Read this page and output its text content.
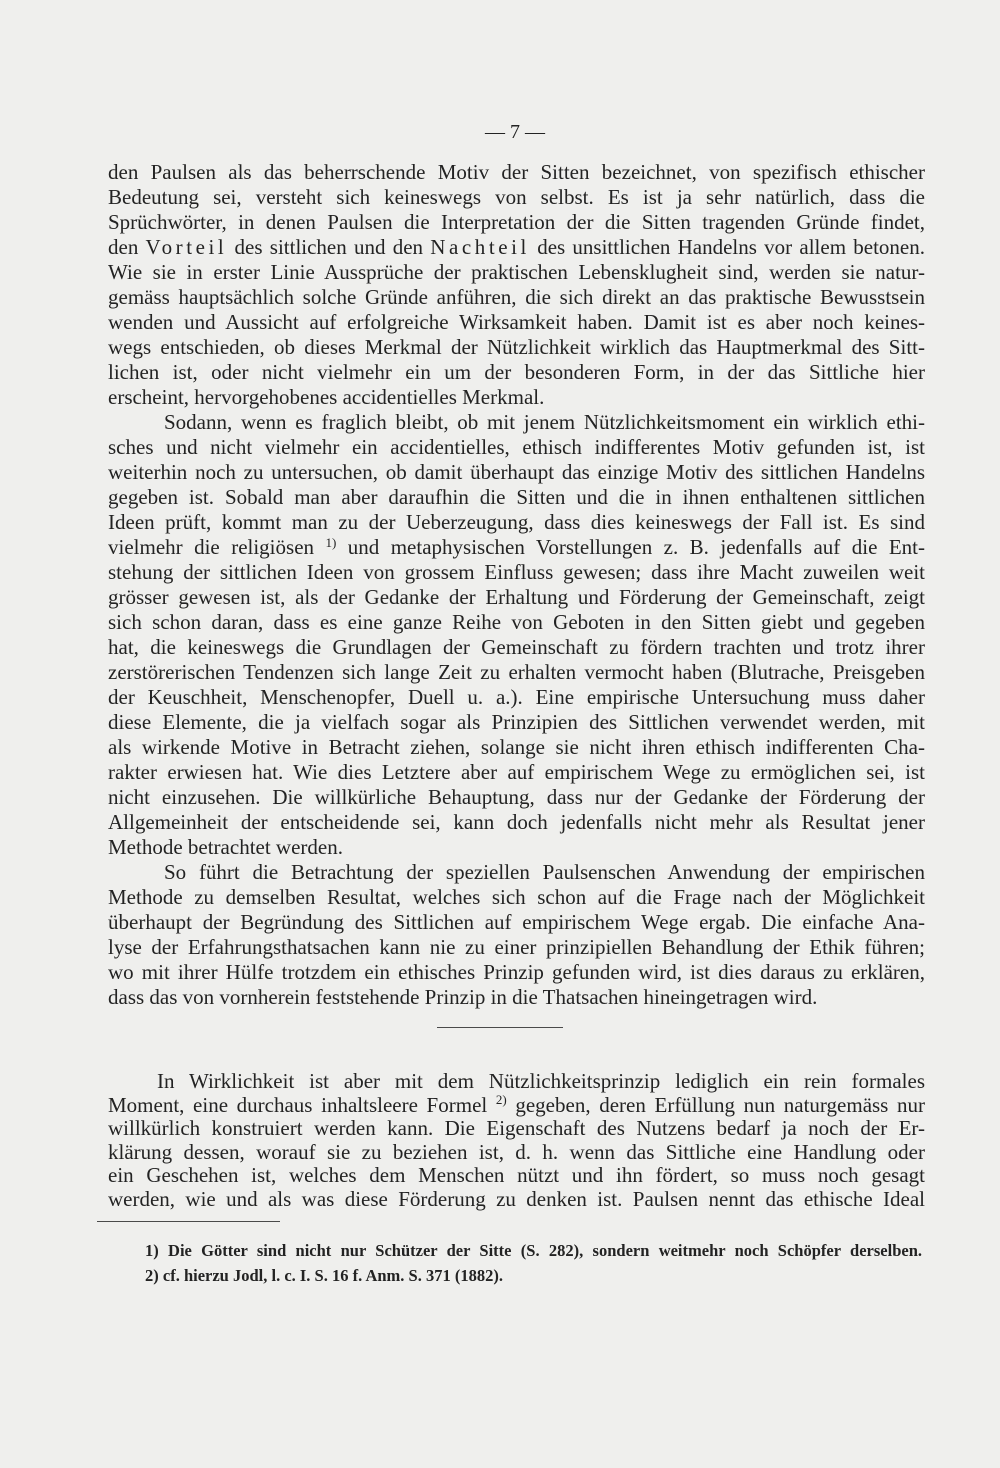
— 7 —
den Paulsen als das beherrschende Motiv der Sitten bezeichnet, von spezifisch ethischer
Bedeutung sei, versteht sich keineswegs von selbst. Es ist ja sehr natürlich, dass die
Sprüchwörter, in denen Paulsen die Interpretation der die Sitten tragenden Gründe findet,
den Vorteil des sittlichen und den Nachteil des unsittlichen Handelns vor allem betonen.
Wie sie in erster Linie Aussprüche der praktischen Lebensklugheit sind, werden sie natur-
gemäss hauptsächlich solche Gründe anführen, die sich direkt an das praktische Bewusstsein
wenden und Aussicht auf erfolgreiche Wirksamkeit haben. Damit ist es aber noch keines-
wegs entschieden, ob dieses Merkmal der Nützlichkeit wirklich das Hauptmerkmal des Sitt-
lichen ist, oder nicht vielmehr ein um der besonderen Form, in der das Sittliche hier
erscheint, hervorgehobenes accidentielles Merkmal.
Sodann, wenn es fraglich bleibt, ob mit jenem Nützlichkeitsmoment ein wirklich ethi-
sches und nicht vielmehr ein accidentielles, ethisch indifferentes Motiv gefunden ist, ist
weiterhin noch zu untersuchen, ob damit überhaupt das einzige Motiv des sittlichen Handelns
gegeben ist. Sobald man aber daraufhin die Sitten und die in ihnen enthaltenen sittlichen
Ideen prüft, kommt man zu der Ueberzeugung, dass dies keineswegs der Fall ist. Es sind
vielmehr die religiösen $^{1)}$ und metaphysischen Vorstellungen z. B. jedenfalls auf die Ent-
stehung der sittlichen Ideen von grossem Einfluss gewesen; dass ihre Macht zuweilen weit
grösser gewesen ist, als der Gedanke der Erhaltung und Förderung der Gemeinschaft, zeigt
sich schon daran, dass es eine ganze Reihe von Geboten in den Sitten giebt und gegeben
hat, die keineswegs die Grundlagen der Gemeinschaft zu fördern trachten und trotz ihrer
zerstörerischen Tendenzen sich lange Zeit zu erhalten vermocht haben (Blutrache, Preisgeben
der Keuschheit, Menschenopfer, Duell u. a.). Eine empirische Untersuchung muss daher
diese Elemente, die ja vielfach sogar als Prinzipien des Sittlichen verwendet werden, mit
als wirkende Motive in Betracht ziehen, solange sie nicht ihren ethisch indifferenten Cha-
rakter erwiesen hat. Wie dies Letztere aber auf empirischem Wege zu ermöglichen sei, ist
nicht einzusehen. Die willkürliche Behauptung, dass nur der Gedanke der Förderung der
Allgemeinheit der entscheidende sei, kann doch jedenfalls nicht mehr als Resultat jener
Methode betrachtet werden.
So führt die Betrachtung der speziellen Paulsenschen Anwendung der empirischen
Methode zu demselben Resultat, welches sich schon auf die Frage nach der Möglichkeit
überhaupt der Begründung des Sittlichen auf empirischem Wege ergab. Die einfache Ana-
lyse der Erfahrungsthatsachen kann nie zu einer prinzipiellen Behandlung der Ethik führen;
wo mit ihrer Hülfe trotzdem ein ethisches Prinzip gefunden wird, ist dies daraus zu erklären,
dass das von vornherein feststehende Prinzip in die Thatsachen hineingetragen wird.
In Wirklichkeit ist aber mit dem Nützlichkeitsprinzip lediglich ein rein formales
Moment, eine durchaus inhaltsleere Formel $^{2)}$ gegeben, deren Erfüllung nun naturgemäss nur
willkürlich konstruiert werden kann. Die Eigenschaft des Nutzens bedarf ja noch der Er-
klärung dessen, worauf sie zu beziehen ist, d. h. wenn das Sittliche eine Handlung oder
ein Geschehen ist, welches dem Menschen nützt und ihn fördert, so muss noch gesagt
werden, wie und als was diese Förderung zu denken ist. Paulsen nennt das ethische Ideal
1) Die Götter sind nicht nur Schützer der Sitte (S. 282), sondern weitmehr noch Schöpfer derselben.
2) cf. hierzu Jodl, l. c. I. S. 16 f. Anm. S. 371 (1882).
